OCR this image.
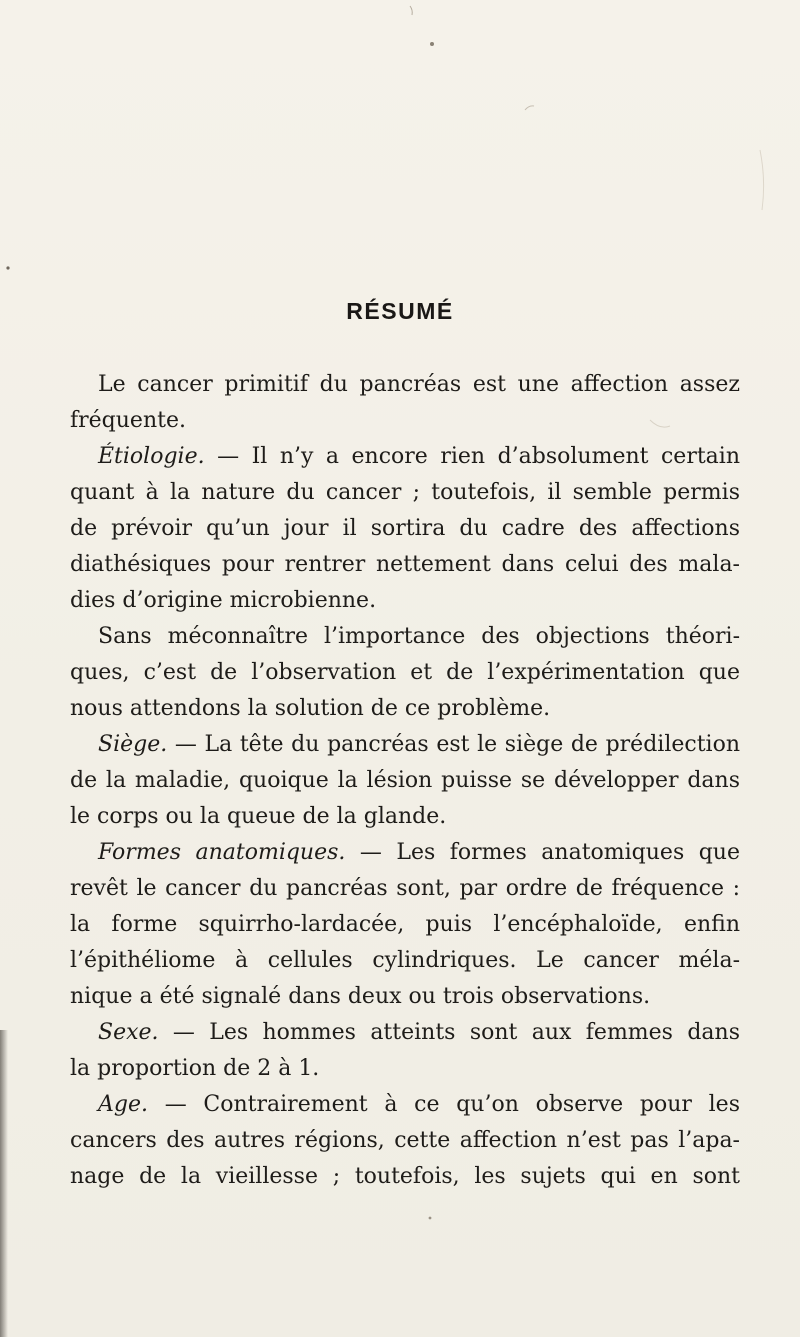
RÉSUMÉ
Le cancer primitif du pancréas est une affection assez
fréquente.
Étiologie. — Il n’y a encore rien d’absolument certain
quant à la nature du cancer ; toutefois, il semble permis
de prévoir qu’un jour il sortira du cadre des affections
diathésiques pour rentrer nettement dans celui des mala-
dies d’origine microbienne.
Sans méconnaître l’importance des objections théori-
ques, c’est de l’observation et de l’expérimentation que
nous attendons la solution de ce problème.
Siège. — La tête du pancréas est le siège de prédilection
de la maladie, quoique la lésion puisse se développer dans
le corps ou la queue de la glande.
Formes anatomiques. — Les formes anatomiques que
revêt le cancer du pancréas sont, par ordre de fréquence :
la forme squirrho-lardacée, puis l’encéphaloïde, enfin
l’épithéliome à cellules cylindriques. Le cancer méla-
nique a été signalé dans deux ou trois observations.
Sexe. — Les hommes atteints sont aux femmes dans
la proportion de 2 à 1.
Age. — Contrairement à ce qu’on observe pour les
cancers des autres régions, cette affection n’est pas l’apa-
nage de la vieillesse ; toutefois, les sujets qui en sont
